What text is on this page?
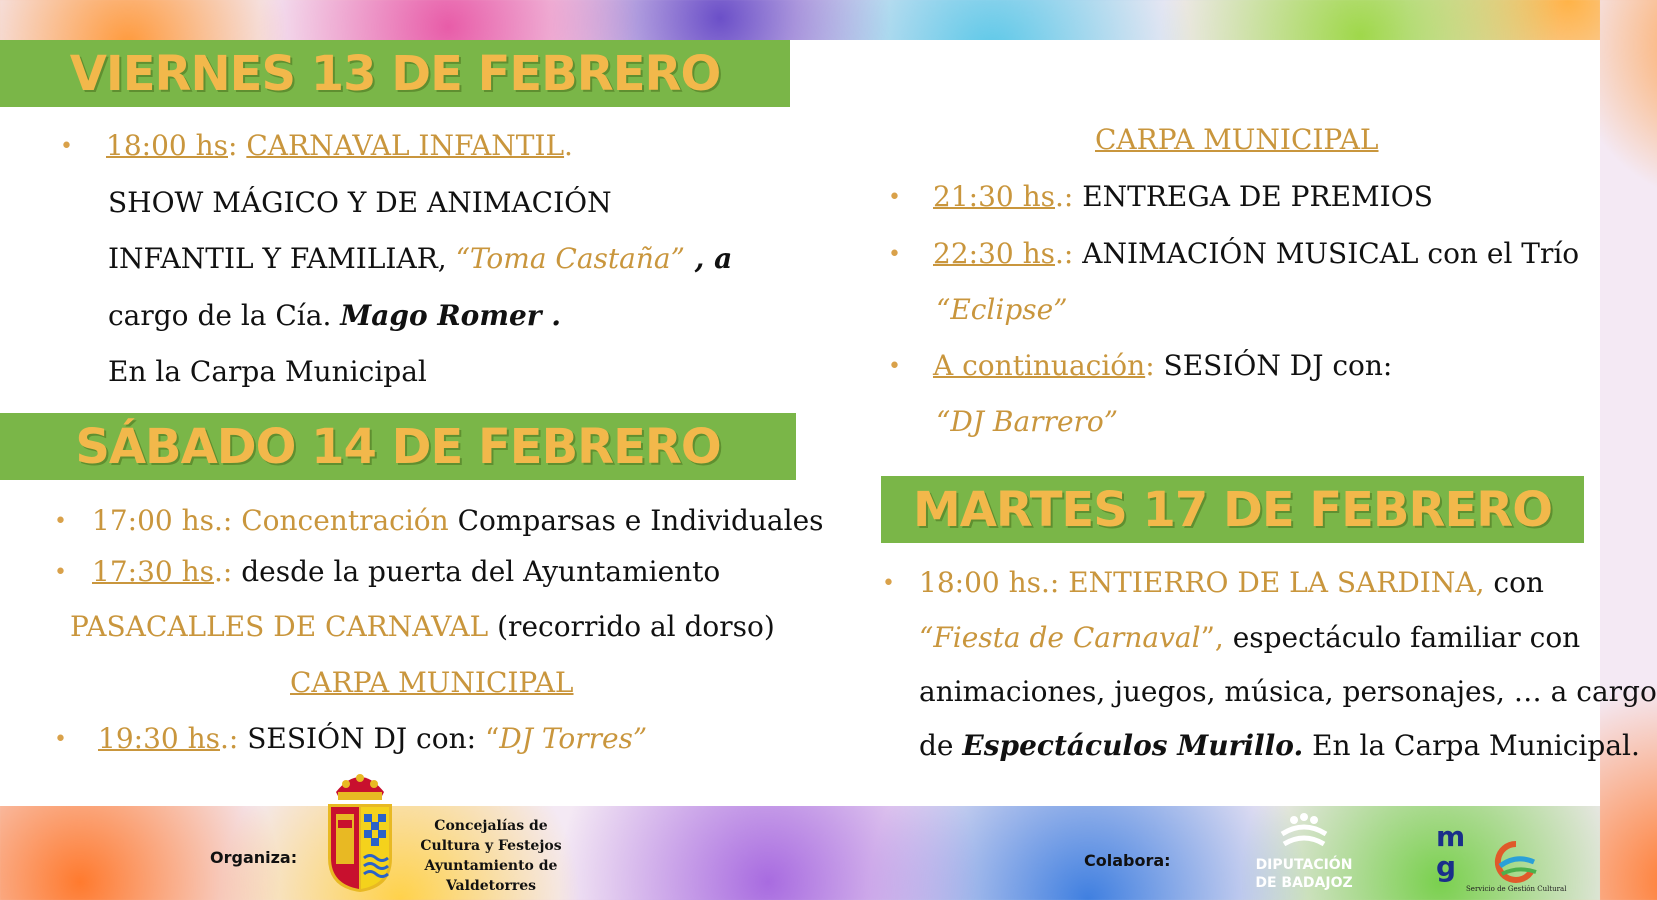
VIERNES 13 DE FEBRERO
• 18:00 hs: CARNAVAL INFANTIL.
SHOW MÁGICO Y DE ANIMACIÓN
INFANTIL Y FAMILIAR, “Toma Castaña” , a
cargo de la Cía. Mago Romer .
En la Carpa Municipal
CARPA MUNICIPAL
• 21:30 hs.: ENTREGA DE PREMIOS
• 22:30 hs.: ANIMACIÓN MUSICAL con el Trío
“Eclipse”
• A continuación: SESIÓN DJ con:
“DJ Barrero”
SÁBADO 14 DE FEBRERO
• 17:00 hs.: Concentración Comparsas e Individuales
• 17:30 hs.: desde la puerta del Ayuntamiento
PASACALLES DE CARNAVAL (recorrido al dorso)
CARPA MUNICIPAL
• 19:30 hs.: SESIÓN DJ con: “DJ Torres”
MARTES 17 DE FEBRERO
• 18:00 hs.: ENTIERRO DE LA SARDINA, con
“Fiesta de Carnaval”, espectáculo familiar con
animaciones, juegos, música, personajes, … a cargo
de Espectáculos Murillo. En la Carpa Municipal.
Organiza:
Concejalías de
Cultura y Festejos
Ayuntamiento de
Valdetorres
Colabora:	DIPUTACIÓN
DE BADAJOZ
mg
Servicio de Gestión Cultural
